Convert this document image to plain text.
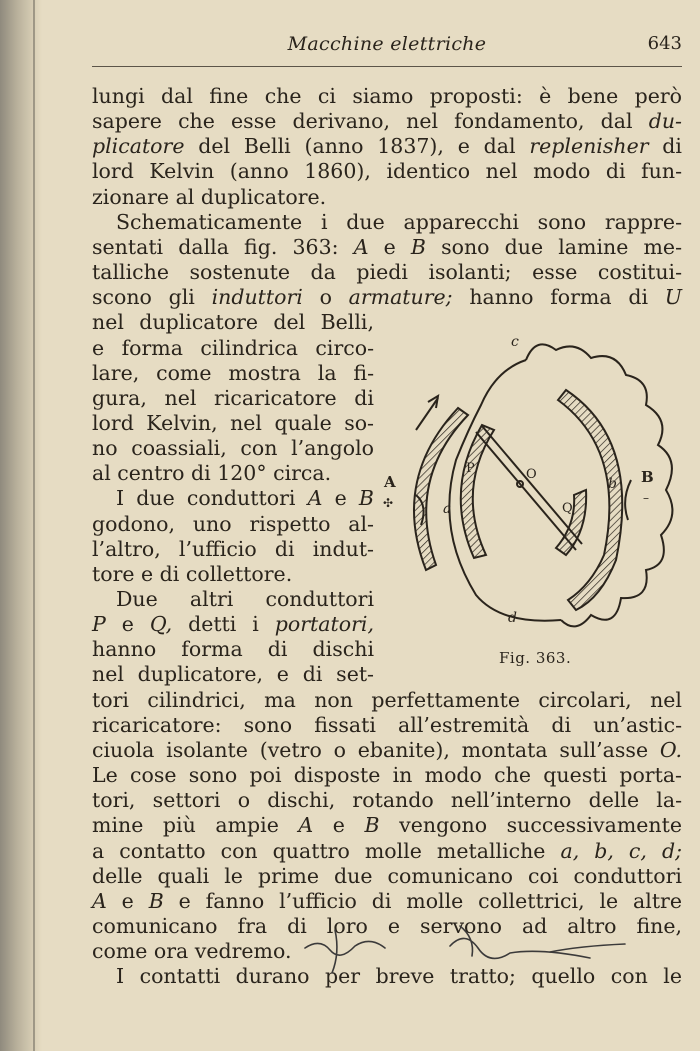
Macchine elettriche	643
lungi dal fine che ci siamo proposti: è bene però
sapere che esse derivano, nel fondamento, dal du-
plicatore del Belli (anno 1837), e dal replenisher di
lord Kelvin (anno 1860), identico nel modo di fun-
zionare al duplicatore.
Schematicamente i due apparecchi sono rappre-
sentati dalla fig. 363: A e B sono due lamine me-
talliche sostenute da piedi isolanti; esse costitui-
scono gli induttori o armature; hanno forma di U
nel duplicatore del Belli,
e forma cilindrica circo-
lare, come mostra la fi-
gura, nel ricaricatore di
lord Kelvin, nel quale so-
no coassiali, con l’angolo
al centro di 120° circa.
I due conduttori A e B
godono, uno rispetto al-
l’altro, l’ufficio di indut-
tore e di collettore.
Due altri conduttori
P e Q, detti i portatori,
hanno forma di dischi
nel duplicatore, e di set-
tori cilindrici, ma non perfettamente circolari, nel
ricaricatore: sono fissati all’estremità di un’astic-
ciuola isolante (vetro o ebanite), montata sull’asse O.
Le cose sono poi disposte in modo che questi porta-
tori, settori o dischi, rotando nell’interno delle la-
mine più ampie A e B vengono successivamente
a contatto con quattro molle metalliche a, b, c, d;
delle quali le prime due comunicano coi conduttori
A e B e fanno l’ufficio di molle collettrici, le altre
comunicano fra di loro e servono ad altro fine,
come ora vedremo.
I contatti durano per breve tratto; quello con le
A	B
a
b
c
d
P
Q
O
✣	–
Fig. 363.
